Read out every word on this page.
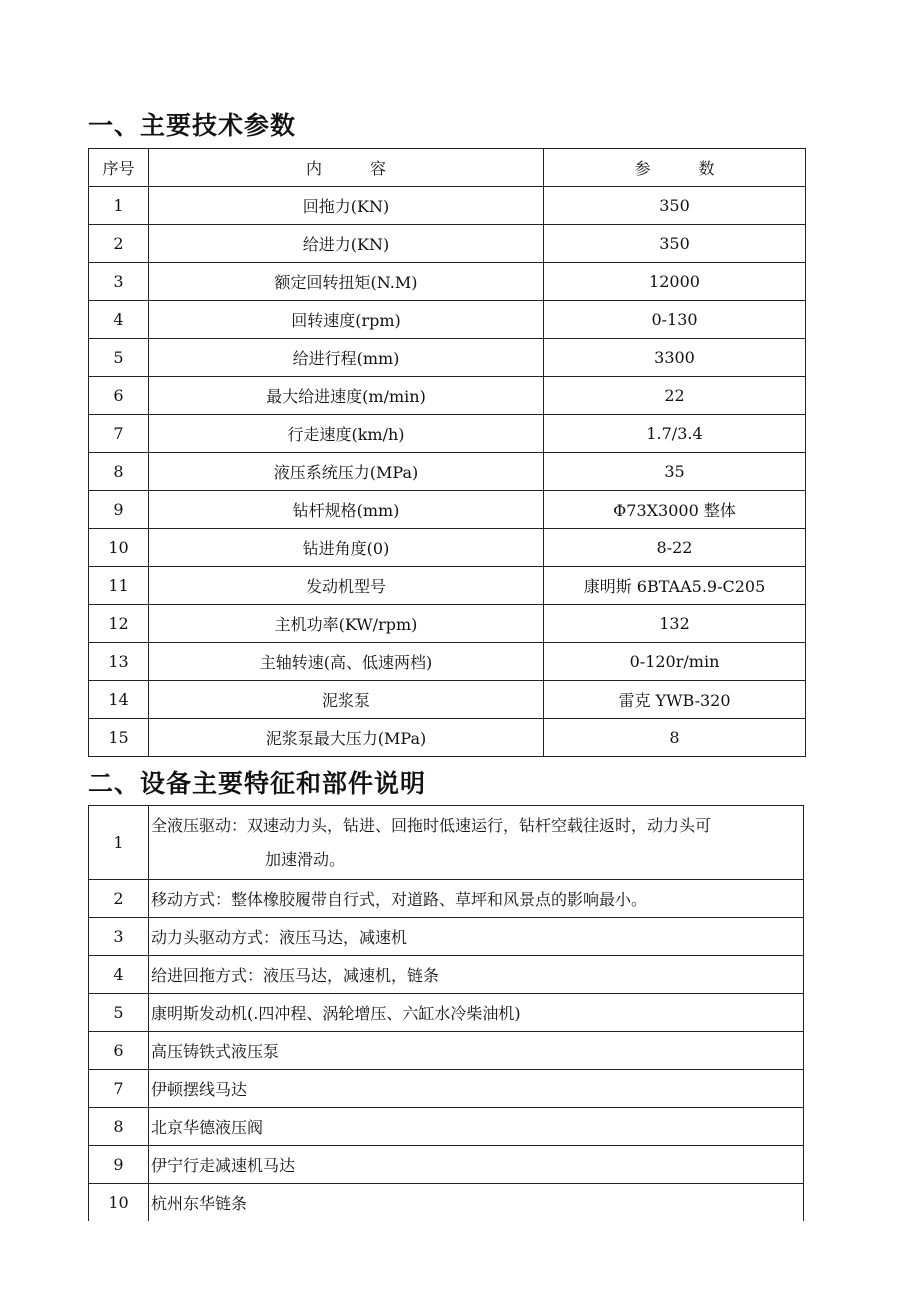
一、主要技术参数
序号	内　　　容	参　　　数
1	回拖力(KN)	350
2	给进力(KN)	350
3	额定回转扭矩(N.M)	12000
4	回转速度(rpm)	0-130
5	给进行程(mm)	3300
6	最大给进速度(m/min)	22
7	行走速度(km/h)	1.7/3.4
8	液压系统压力(MPa)	35
9	钻杆规格(mm)	Φ73X3000 整体
10	钻进角度(0)	8-22
11	发动机型号	康明斯 6BTAA5.9-C205
12	主机功率(KW/rpm)	132
13	主轴转速(高、低速两档)	0-120r/min
14	泥浆泵	雷克 YWB-320
15	泥浆泵最大压力(MPa)	8
二、设备主要特征和部件说明
1	全液压驱动：双速动力头，钻进、回拖时低速运行，钻杆空载往返时，动力头可
加速滑动。

2	移动方式：整体橡胶履带自行式，对道路、草坪和风景点的影响最小。
3	动力头驱动方式：液压马达，减速机
4	给进回拖方式：液压马达，减速机，链条
5	康明斯发动机(.四冲程、涡轮增压、六缸水冷柴油机)
6	高压铸铁式液压泵
7	伊顿摆线马达
8	北京华德液压阀
9	伊宁行走减速机马达
10	杭州东华链条
